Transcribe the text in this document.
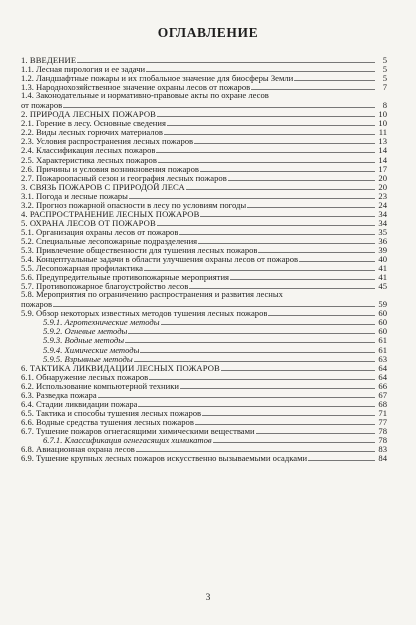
ОГЛАВЛЕНИЕ
1. ВВЕДЕНИЕ	5
1.1. Лесная пирология и ее задачи	5
1.2. Ландшафтные пожары и их глобальное значение для биосферы Земли	5
1.3. Народнохозяйственное значение охраны лесов от пожаров	7
1.4. Законодательные и нормативно-правовые акты по охране лесов
от пожаров	8
2. ПРИРОДА ЛЕСНЫХ ПОЖАРОВ	10
2.1. Горение в лесу. Основные сведения	10
2.2. Виды лесных горючих материалов	11
2.3. Условия распространения лесных пожаров	13
2.4. Классификация лесных пожаров	14
2.5. Характеристика лесных пожаров	14
2.6. Причины и условия возникновения пожаров	17
2.7. Пожароопасный сезон и география лесных пожаров	20
3. СВЯЗЬ ПОЖАРОВ С ПРИРОДОЙ ЛЕСА	20
3.1. Погода и лесные пожары	23
3.2. Прогноз пожарной опасности в лесу по условиям погоды	24
4. РАСПРОСТРАНЕНИЕ ЛЕСНЫХ ПОЖАРОВ	34
5. ОХРАНА ЛЕСОВ ОТ ПОЖАРОВ	34
5.1. Организация охраны лесов от пожаров	35
5.2. Специальные лесопожарные подразделения	36
5.3. Привлечение общественности для тушения лесных пожаров	39
5.4. Концептуальные задачи в области улучшения охраны лесов от пожаров	40
5.5. Лесопожарная профилактика	41
5.6. Предупредительные противопожарные мероприятия	41
5.7. Противопожарное благоустройство лесов	45
5.8. Мероприятия по ограничению распространения и развития лесных
пожаров	59
5.9. Обзор некоторых известных методов тушения лесных пожаров	60
5.9.1. Агротехнические методы	60
5.9.2. Огневые методы	60
5.9.3. Водные методы	61
5.9.4. Химические методы	61
5.9.5. Взрывные методы	63
6. ТАКТИКА ЛИКВИДАЦИИ ЛЕСНЫХ ПОЖАРОВ	64
6.1. Обнаружение лесных пожаров	64
6.2. Использование компьютерной техники	66
6.3. Разведка пожара	67
6.4. Стадии ликвидации пожара	68
6.5. Тактика и способы тушения лесных пожаров	71
6.6. Водные средства тушения лесных пожаров	77
6.7. Тушение пожаров огнегасящими химическими веществами	78
6.7.1. Классификация огнегасящих химикатов	78
6.8. Авиационная охрана лесов	83
6.9. Тушение крупных лесных пожаров искусственно вызываемыми осадками	84
3
